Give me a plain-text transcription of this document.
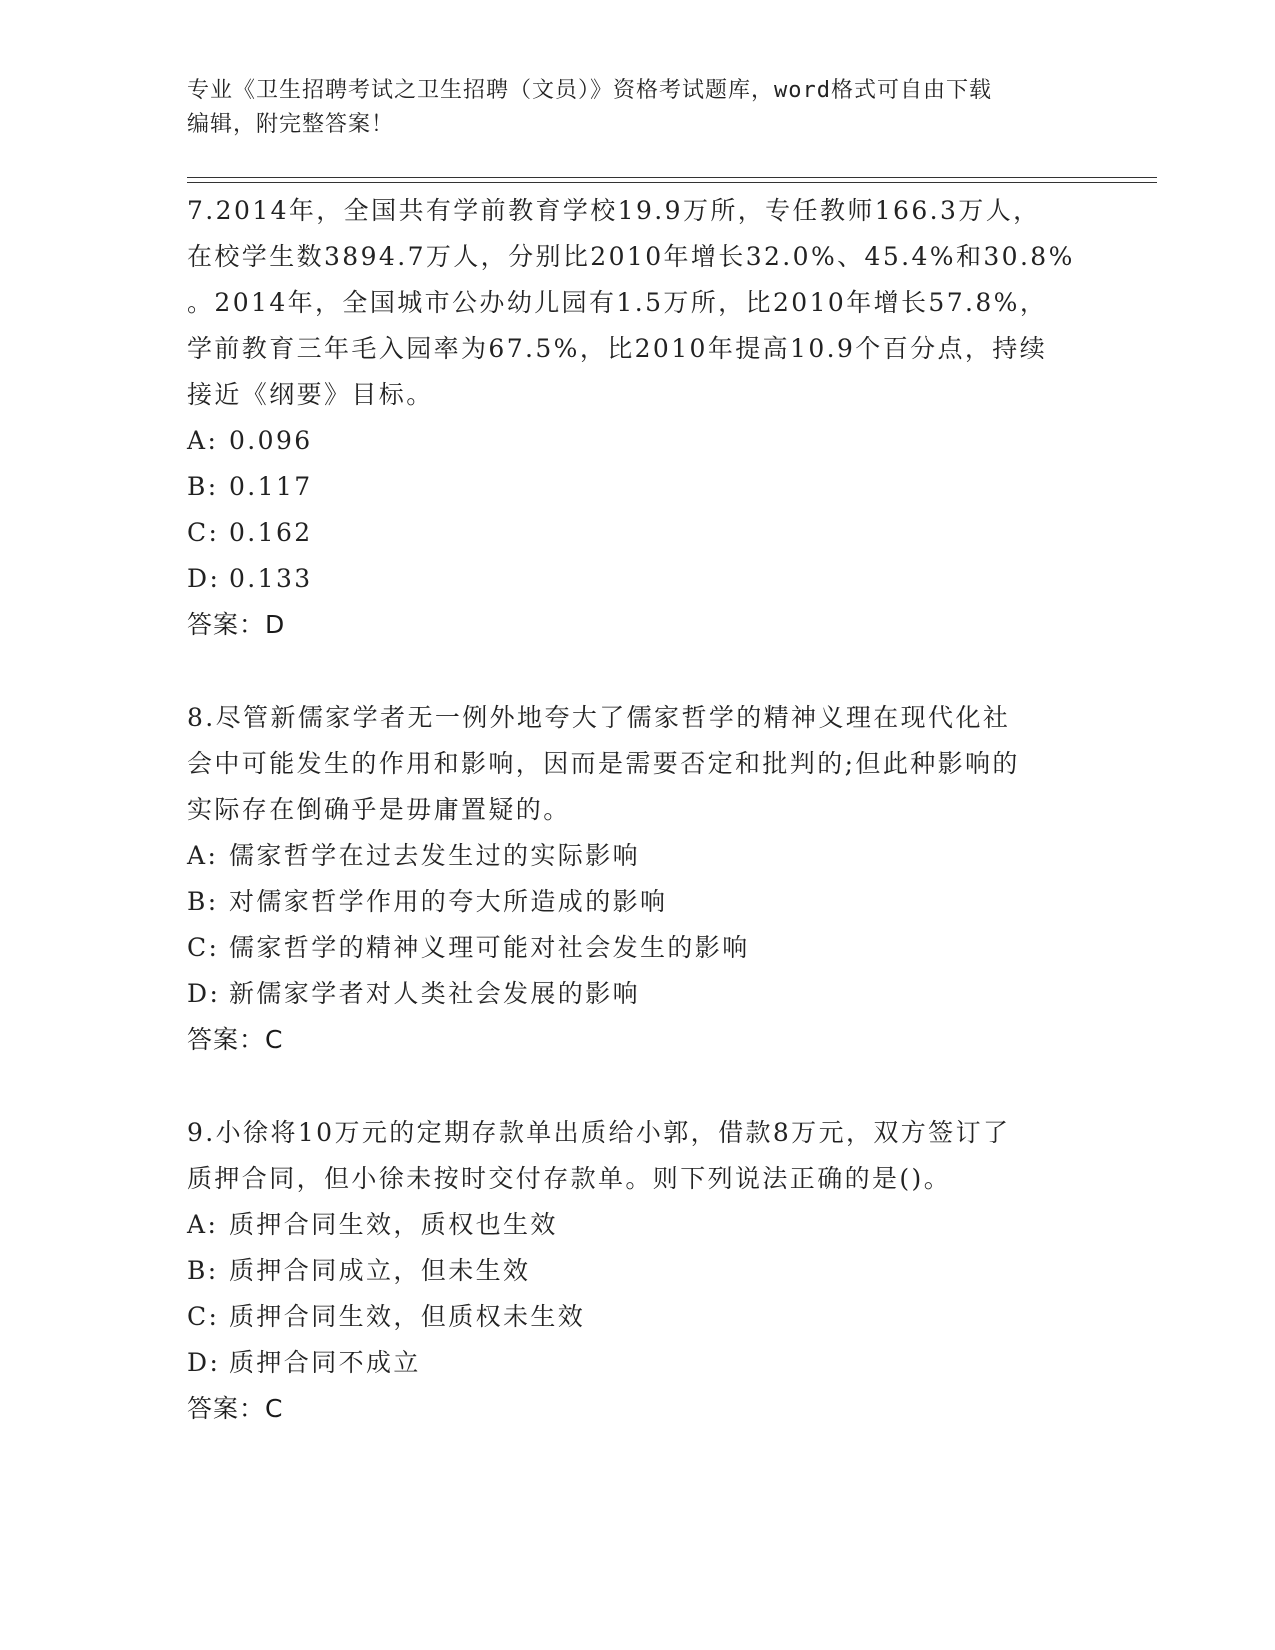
专业《卫生招聘考试之卫生招聘（文员）》资格考试题库，word格式可自由下载
编辑，附完整答案！
7.2014年，全国共有学前教育学校19.9万所，专任教师166.3万人，
在校学生数3894.7万人，分别比2010年增长32.0%、45.4%和30.8%
。2014年，全国城市公办幼儿园有1.5万所，比2010年增长57.8%，
学前教育三年毛入园率为67.5%，比2010年提高10.9个百分点，持续
接近《纲要》目标。
A: 0.096
B: 0.117
C: 0.162
D: 0.133
答案：D
8.尽管新儒家学者无一例外地夸大了儒家哲学的精神义理在现代化社
会中可能发生的作用和影响，因而是需要否定和批判的;但此种影响的
实际存在倒确乎是毋庸置疑的。
A: 儒家哲学在过去发生过的实际影响
B: 对儒家哲学作用的夸大所造成的影响
C: 儒家哲学的精神义理可能对社会发生的影响
D: 新儒家学者对人类社会发展的影响
答案：C
9.小徐将10万元的定期存款单出质给小郭，借款8万元，双方签订了
质押合同，但小徐未按时交付存款单。则下列说法正确的是()。
A: 质押合同生效，质权也生效
B: 质押合同成立，但未生效
C: 质押合同生效，但质权未生效
D: 质押合同不成立
答案：C
